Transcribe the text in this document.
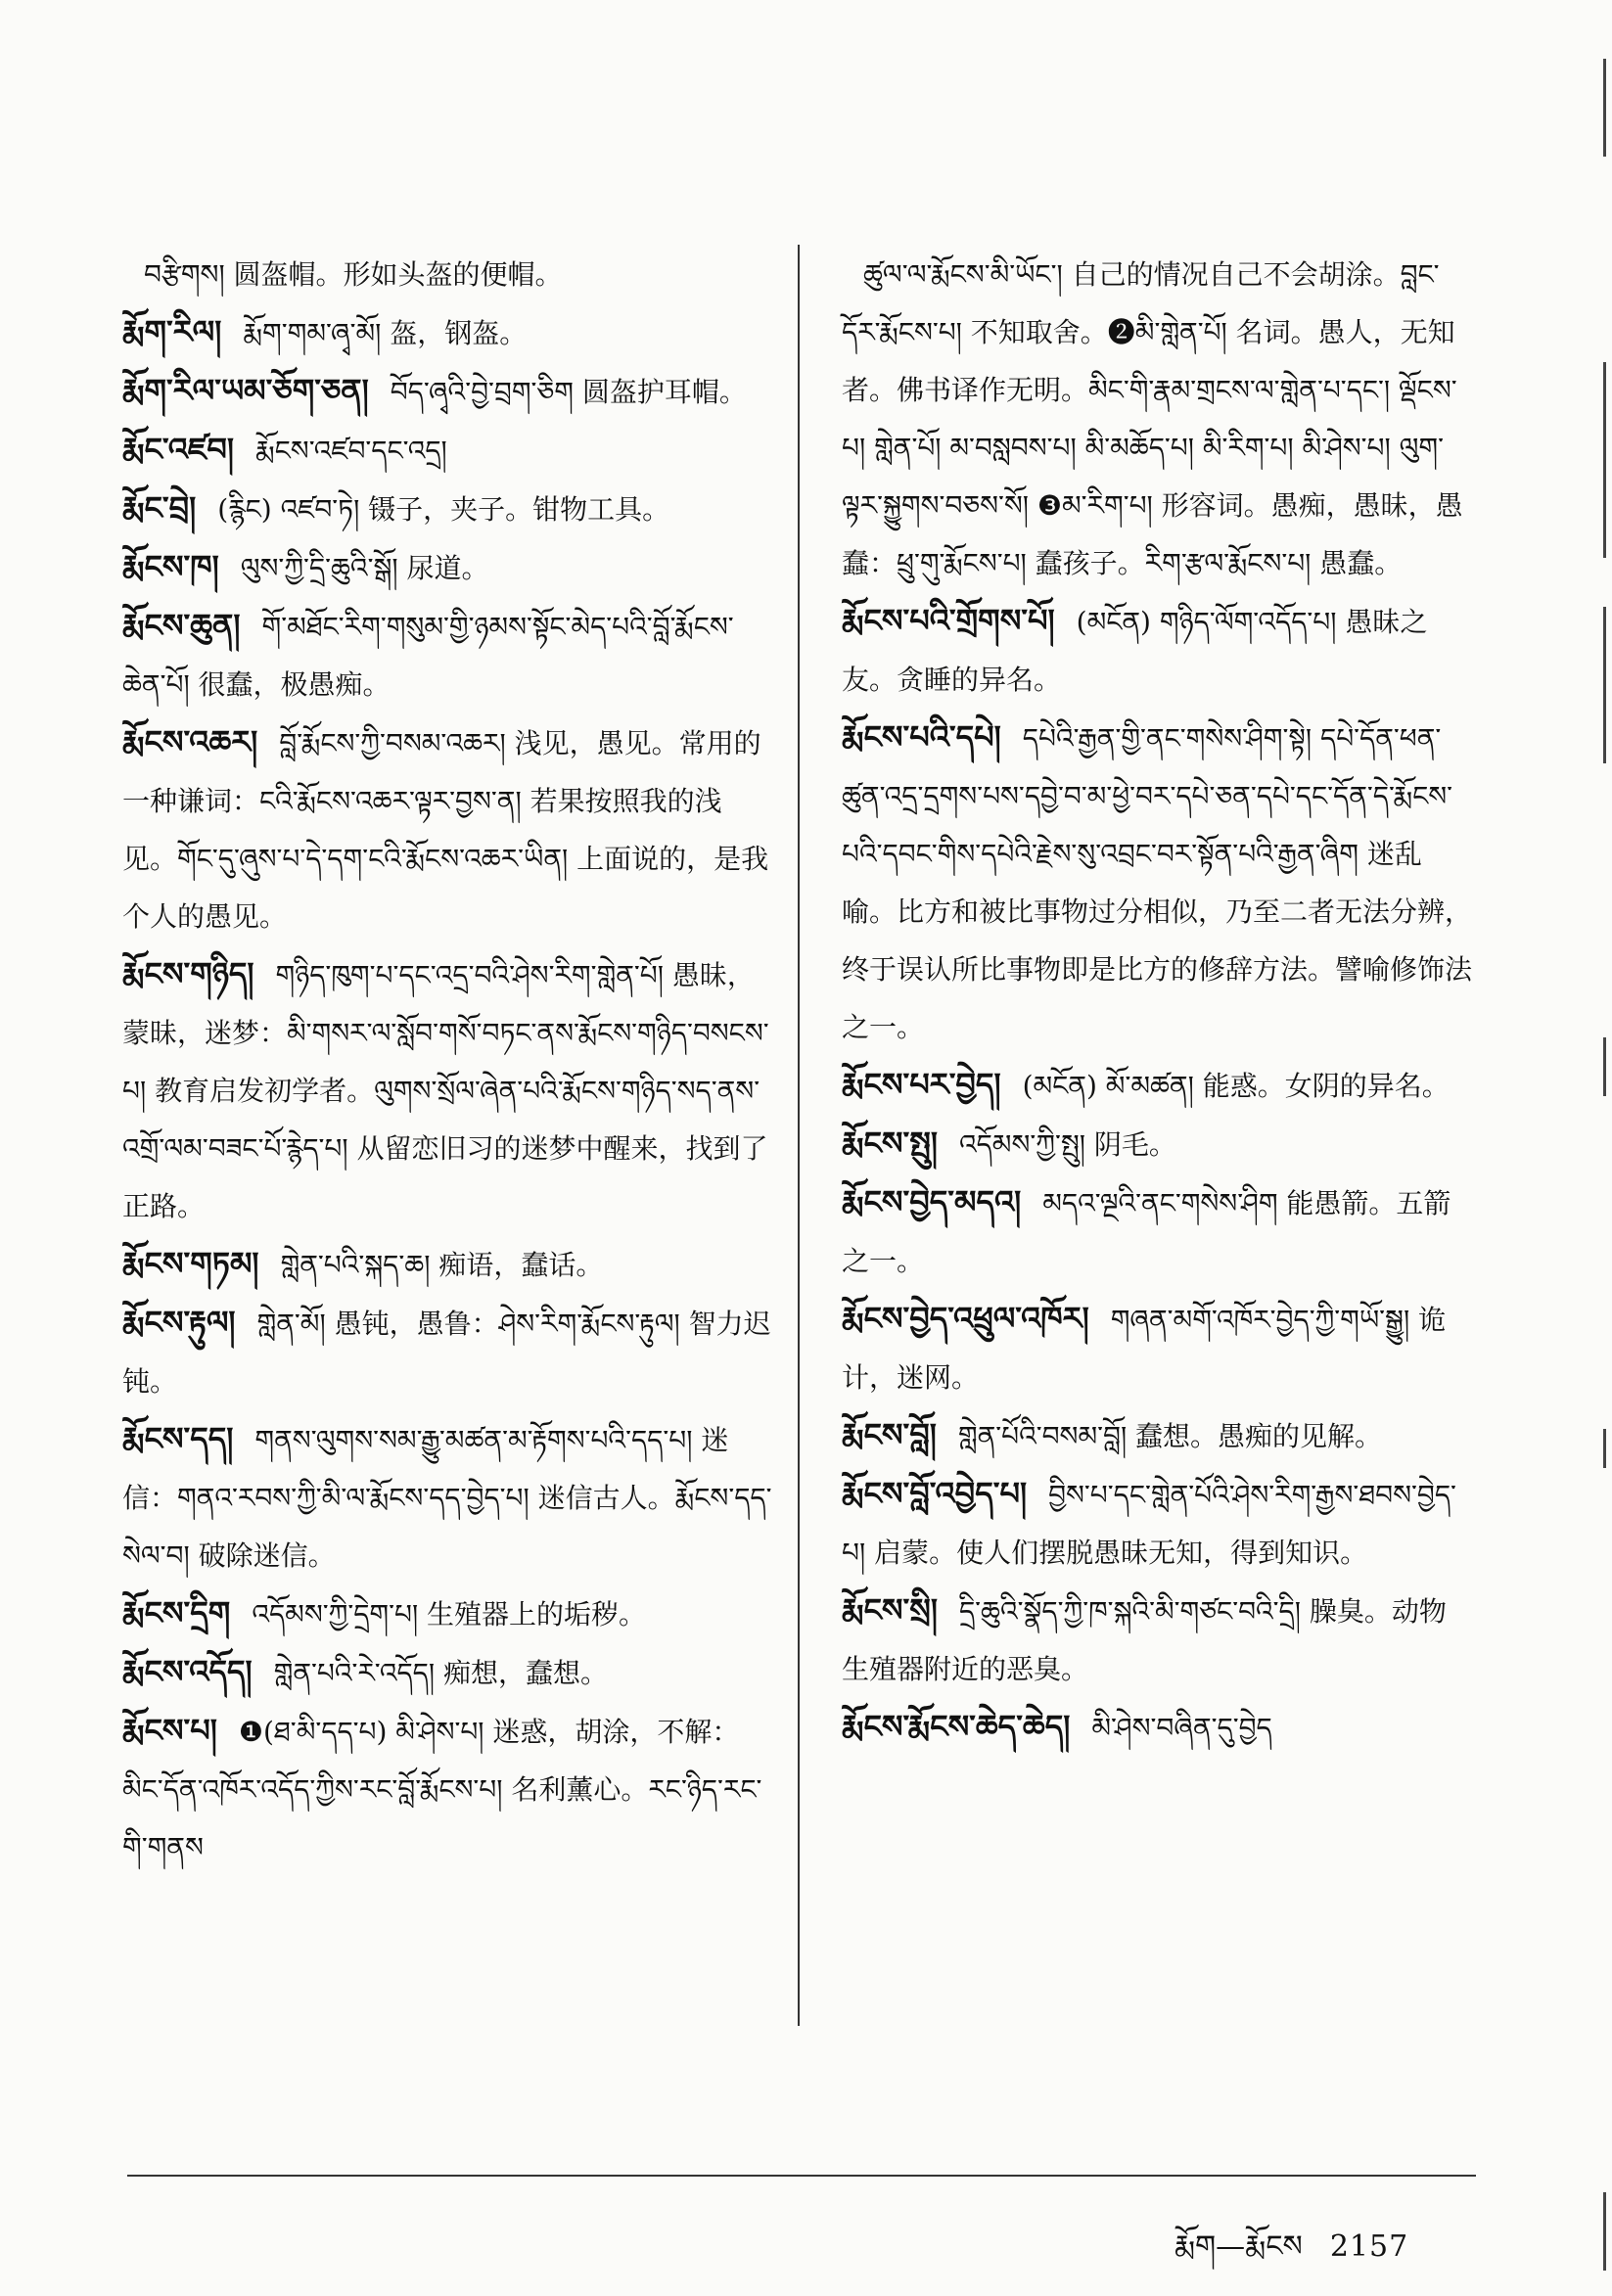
བརྩིགས། 圆盔帽。形如头盔的便帽。
རྨོག་རིལ། རྨོག་གམ་ཞྭ་མོ། 盔，钢盔。
རྨོག་རིལ་ཡམ་ཅོག་ཅན། བོད་ཞྭའི་བྱེ་བྲག་ཅིག 圆盔护耳帽。
རྨོང་འཛབ། རྨོངས་འཛབ་དང་འདྲ།
རྨོང་བྲེ། (རྙིང) འཛབ་ཏེ། 镊子，夹子。钳物工具。
རྨོངས་ཁ། ལུས་ཀྱི་དྲི་ཆུའི་སྒོ། 尿道。
རྨོངས་ཆུན། གོ་མཐོང་རིག་གསུམ་གྱི་ཉམས་སྟོང་མེད་པའི་བློ་རྨོངས་ཆེན་པོ། 很蠢，极愚痴。
རྨོངས་འཆར། བློ་རྨོངས་ཀྱི་བསམ་འཆར། 浅见，愚见。常用的一种谦词：ངའི་རྨོངས་འཆར་ལྟར་བྱས་ན། 若果按照我的浅见。གོང་དུ་ཞུས་པ་དེ་དག་ངའི་རྨོངས་འཆར་ཡིན། 上面说的，是我个人的愚见。
རྨོངས་གཉིད། གཉིད་ཁུག་པ་དང་འདྲ་བའི་ཤེས་རིག་གླེན་པོ། 愚昧，蒙昧，迷梦：མི་གསར་ལ་སློབ་གསོ་བཏང་ནས་རྨོངས་གཉིད་བསངས་པ། 教育启发初学者。ལུགས་སྲོལ་ཞེན་པའི་རྨོངས་གཉིད་སད་ནས་འགྲོ་ལམ་བཟང་པོ་རྙེད་པ། 从留恋旧习的迷梦中醒来，找到了正路。
རྨོངས་གཏམ། གླེན་པའི་སྐད་ཆ། 痴语，蠢话。
རྨོངས་རྟུལ། གླེན་མོ། 愚钝，愚鲁：ཤེས་རིག་རྨོངས་རྟུལ། 智力迟钝。
རྨོངས་དད། གནས་ལུགས་སམ་རྒྱུ་མཚན་མ་རྟོགས་པའི་དད་པ། 迷信：གནའ་རབས་ཀྱི་མི་ལ་རྨོངས་དད་བྱེད་པ། 迷信古人。རྨོངས་དད་སེལ་བ། 破除迷信。
རྨོངས་དྲིག འདོམས་ཀྱི་དྲེག་པ། 生殖器上的垢秽。
རྨོངས་འདོད། གླེན་པའི་རེ་འདོད། 痴想，蠢想。
རྨོངས་པ། ❶(ཐ་མི་དད་པ) མི་ཤེས་པ། 迷惑，胡涂，不解：མིང་དོན་འཁོར་འདོད་ཀྱིས་རང་བློ་རྨོངས་པ། 名利薰心。རང་ཉིད་རང་གི་གནས
ཚུལ་ལ་རྨོངས་མི་ཡོང་། 自己的情况自己不会胡涂。བླང་དོར་རྨོངས་པ། 不知取舍。❷མི་གླེན་པོ། 名词。愚人，无知者。佛书译作无明。མིང་གི་རྣམ་གྲངས་ལ་གླེན་པ་དང་། ལྡོངས་པ། གླེན་པོ། མ་བསླབས་པ། མི་མཆོད་པ། མི་རིག་པ། མི་ཤེས་པ། ལུག་ལྟར་སྐྱུགས་བཅས་སོ། ❸མ་རིག་པ། 形容词。愚痴，愚昧，愚蠢：ཕྲུ་གུ་རྨོངས་པ། 蠢孩子。རིག་རྩལ་རྨོངས་པ། 愚蠢。
རྨོངས་པའི་གྲོགས་པོ། (མངོན) གཉིད་ལོག་འདོད་པ། 愚昧之友。贪睡的异名。
རྨོངས་པའི་དཔེ། དཔེའི་རྒྱན་གྱི་ནང་གསེས་ཤིག་སྟེ། དཔེ་དོན་ཕན་ཚུན་འདྲ་དྲགས་པས་དབྱེ་བ་མ་ཕྱེ་བར་དཔེ་ཅན་དཔེ་དང་དོན་དེ་རྨོངས་པའི་དབང་གིས་དཔེའི་རྗེས་སུ་འབྲང་བར་སྟོན་པའི་རྒྱན་ཞིག 迷乱喻。比方和被比事物过分相似，乃至二者无法分辨，终于误认所比事物即是比方的修辞方法。譬喻修饰法之一。
རྨོངས་པར་བྱེད། (མངོན) མོ་མཚན། 能惑。女阴的异名。
རྨོངས་སྤུ། འདོམས་ཀྱི་སྤུ། 阴毛。
རྨོངས་བྱེད་མདའ། མདའ་ལྔའི་ནང་གསེས་ཤིག 能愚箭。五箭之一。
རྨོངས་བྱེད་འཕྲུལ་འཁོར། གཞན་མགོ་འཁོར་བྱེད་ཀྱི་གཡོ་སྒྱུ། 诡计，迷网。
རྨོངས་བློ། གླེན་པོའི་བསམ་བློ། 蠢想。愚痴的见解。
རྨོངས་བློ་འབྱེད་པ། བྱིས་པ་དང་གླེན་པོའི་ཤེས་རིག་རྒྱས་ཐབས་བྱེད་པ། 启蒙。使人们摆脱愚昧无知，得到知识。
རྨོངས་སྲི། དྲི་ཆུའི་སྣོད་ཀྱི་ཁ་སྐའི་མི་གཙང་བའི་དྲི། 臊臭。动物生殖器附近的恶臭。
རྨོངས་རྨོངས་ཆེད་ཆེད། མི་ཤེས་བཞིན་དུ་བྱེད
རྨོག—རྨོངས 2157
